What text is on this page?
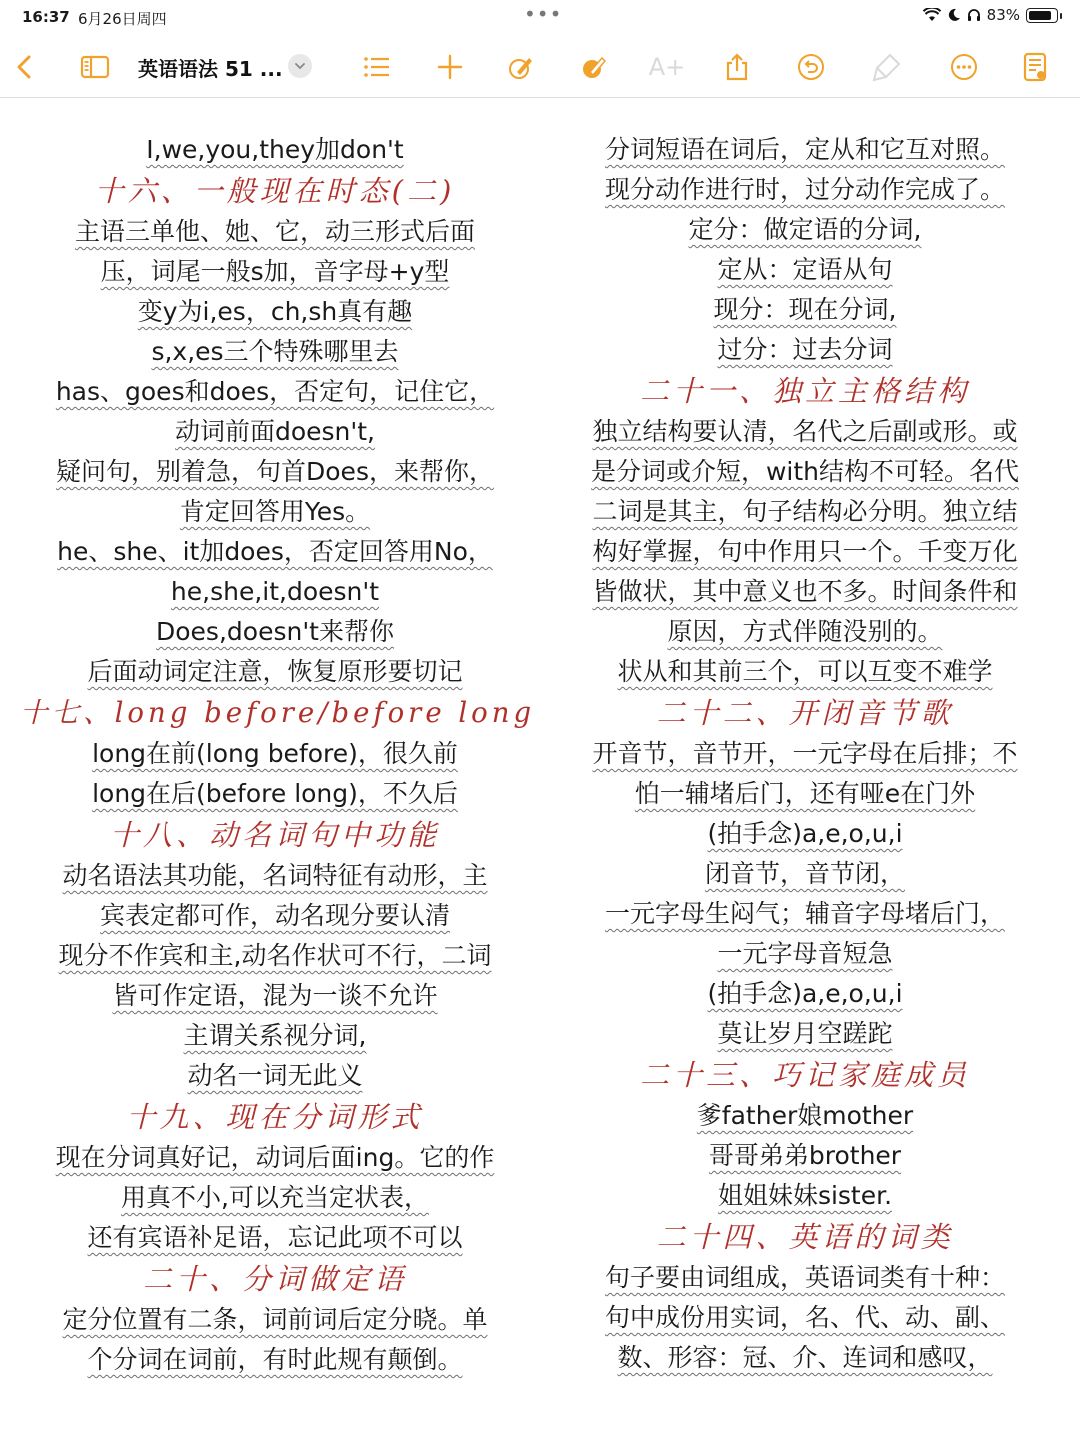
16:37 6月26日周四	•••	83%
英语语法 51 ...	A+
I,we,you,they加don't
十六、一般现在时态(二)
主语三单他、她、它，动三形式后面
压，词尾一般s加，音字母+y型
变y为i,es，ch,sh真有趣
s,x,es三个特殊哪里去
has、goes和does，否定句，记住它，
动词前面doesn't,
疑问句，别着急，句首Does，来帮你，
肯定回答用Yes。
he、she、it加does，否定回答用No，
he,she,it,doesn't
Does,doesn't来帮你
后面动词定注意，恢复原形要切记
十七、long before/before long
long在前(long before)，很久前
long在后(before long)，不久后
十八、动名词句中功能
动名语法其功能，名词特征有动形，主
宾表定都可作，动名现分要认清
现分不作宾和主,动名作状可不行，二词
皆可作定语，混为一谈不允许
主谓关系视分词,
动名一词无此义
十九、现在分词形式
现在分词真好记，动词后面ing。它的作
用真不小,可以充当定状表，
还有宾语补足语，忘记此项不可以
二十、分词做定语
定分位置有二条，词前词后定分晓。单
个分词在词前，有时此规有颠倒。
分词短语在词后，定从和它互对照。
现分动作进行时，过分动作完成了。
定分：做定语的分词,
定从：定语从句
现分：现在分词,
过分：过去分词
二十一、独立主格结构
独立结构要认清，名代之后副或形。或
是分词或介短，with结构不可轻。名代
二词是其主，句子结构必分明。独立结
构好掌握，句中作用只一个。千变万化
皆做状，其中意义也不多。时间条件和
原因，方式伴随没别的。
状从和其前三个，可以互变不难学
二十二、开闭音节歌
开音节，音节开，一元字母在后排；不
怕一辅堵后门，还有哑e在门外
(拍手念)a,e,o,u,i
闭音节，音节闭，
一元字母生闷气；辅音字母堵后门，
一元字母音短急
(拍手念)a,e,o,u,i
莫让岁月空蹉跎
二十三、巧记家庭成员
爹father娘mother
哥哥弟弟brother
姐姐妹妹sister.
二十四、英语的词类
句子要由词组成，英语词类有十种：
句中成份用实词，名、代、动、副、
数、形容：冠、介、连词和感叹，
